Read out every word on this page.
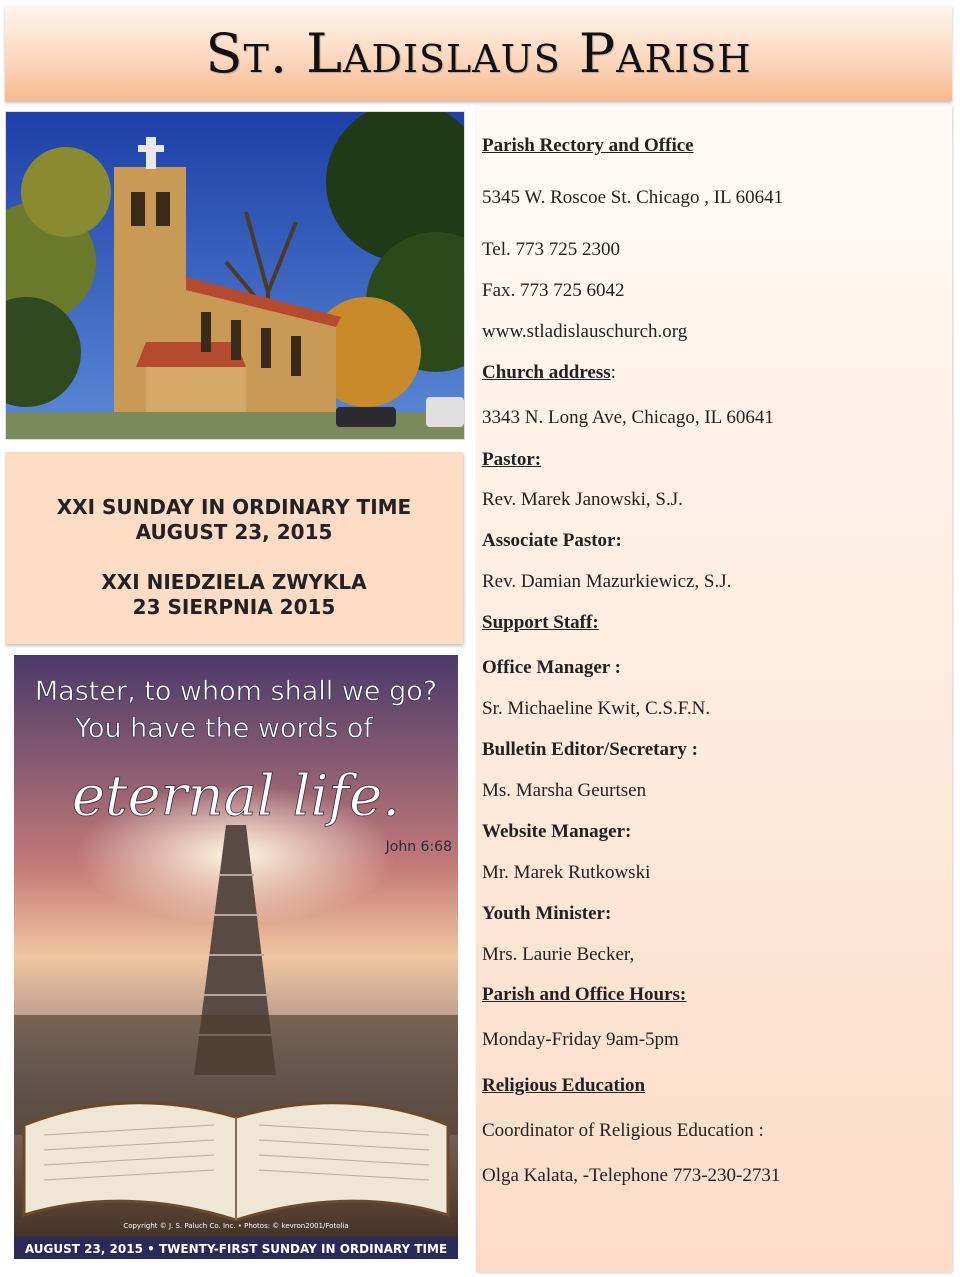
St. Ladislaus Parish
XXI SUNDAY IN ORDINARY TIME
AUGUST 23, 2015
XXI NIEDZIELA ZWYKLA
23 SIERPNIA 2015
Master, to whom shall we go?
You have the words of
eternal life.
John 6:68
Copyright © J. S. Paluch Co. Inc. • Photos: © kevron2001/Fotolia
AUGUST 23, 2015 • TWENTY-FIRST SUNDAY IN ORDINARY TIME
Parish Rectory and Office
5345 W. Roscoe St. Chicago , IL 60641
Tel. 773 725 2300
Fax. 773 725 6042
www.stladislauschurch.org
Church address:
3343 N. Long Ave, Chicago, IL 60641
Pastor:
Rev. Marek Janowski, S.J.
Associate Pastor:
Rev. Damian Mazurkiewicz, S.J.
Support Staff:
Office Manager :
Sr. Michaeline Kwit, C.S.F.N.
Bulletin Editor/Secretary :
Ms. Marsha Geurtsen
Website Manager:
Mr. Marek Rutkowski
Youth Minister:
Mrs. Laurie Becker,
Parish and Office Hours:
Monday-Friday 9am-5pm
Religious Education
Coordinator of Religious Education :
Olga Kalata, -Telephone 773-230-2731
